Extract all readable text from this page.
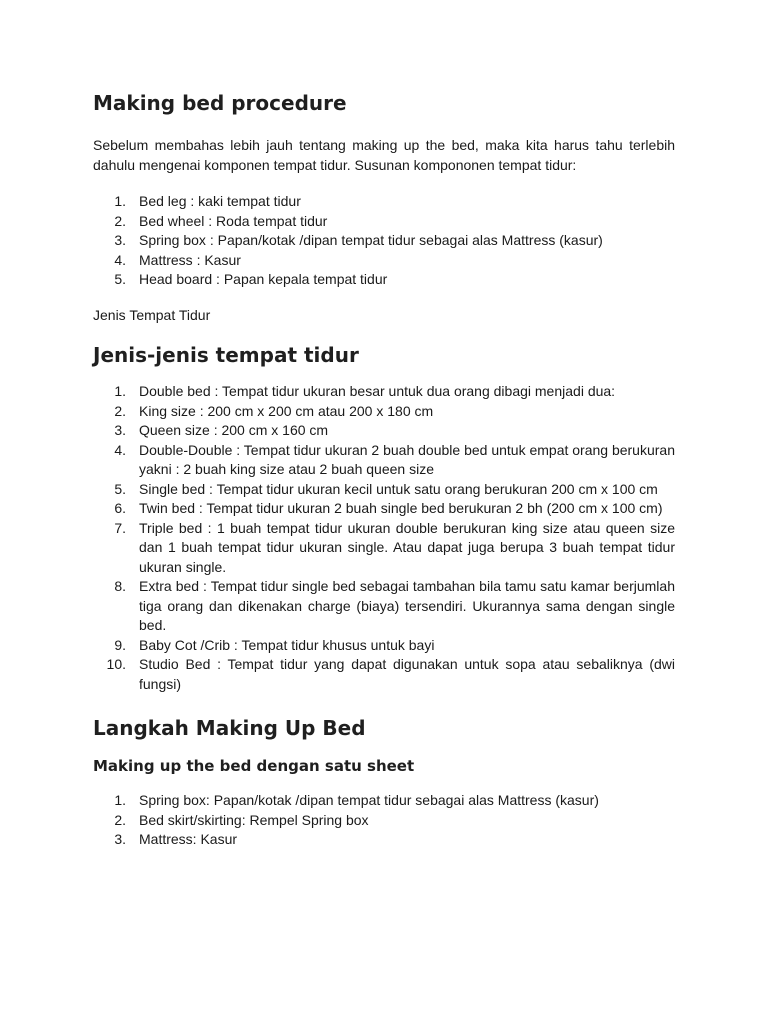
Making bed procedure

Sebelum membahas lebih jauh tentang making up the bed, maka kita harus tahu terlebih dahulu mengenai komponen tempat tidur. Susunan kompononen tempat tidur:

1. Bed leg : kaki tempat tidur
2. Bed wheel : Roda tempat tidur
3. Spring box : Papan/kotak /dipan tempat tidur sebagai alas Mattress (kasur)
4. Mattress : Kasur
5. Head board : Papan kepala tempat tidur

Jenis Tempat Tidur

Jenis-jenis tempat tidur
1. Double bed : Tempat tidur ukuran besar untuk dua orang dibagi menjadi dua:
2. King size : 200 cm x 200 cm atau 200 x 180 cm
3. Queen size : 200 cm x 160 cm
4. Double-Double : Tempat tidur ukuran 2 buah double bed untuk empat orang berukuran yakni : 2 buah king size atau 2 buah queen size
5. Single bed : Tempat tidur ukuran kecil untuk satu orang berukuran 200 cm x 100 cm
6. Twin bed : Tempat tidur ukuran 2 buah single bed berukuran 2 bh (200 cm x 100 cm)
7. Triple bed : 1 buah tempat tidur ukuran double berukuran king size atau queen size dan 1 buah tempat tidur ukuran single. Atau dapat juga berupa 3 buah tempat tidur ukuran single.
8. Extra bed : Tempat tidur single bed sebagai tambahan bila tamu satu kamar berjumlah tiga orang dan dikenakan charge (biaya) tersendiri. Ukurannya sama dengan single bed.
9. Baby Cot /Crib : Tempat tidur khusus untuk bayi
10. Studio Bed : Tempat tidur yang dapat digunakan untuk sopa atau sebaliknya (dwi fungsi)
Langkah Making Up Bed
Making up the bed dengan satu sheet
1. Spring box: Papan/kotak /dipan tempat tidur sebagai alas Mattress (kasur)
2. Bed skirt/skirting: Rempel Spring box
3. Mattress: Kasur
